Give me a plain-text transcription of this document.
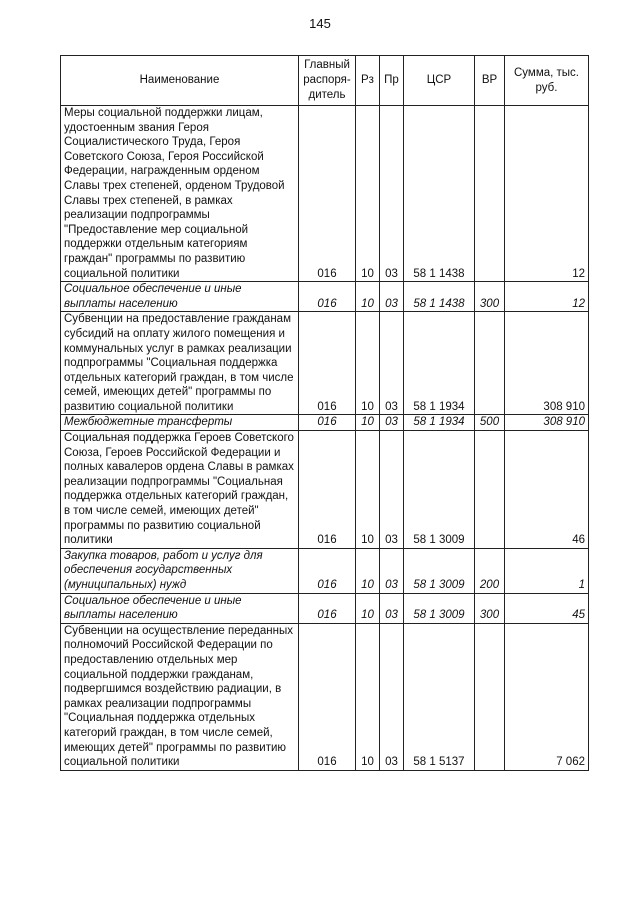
145
Наименование	Главный распоря-дитель	Рз	Пр	ЦСР	ВР	Сумма, тыс. руб.
Меры социальной поддержки лицам, удостоенным звания Героя Социалистического Труда, Героя Советского Союза, Героя Российской Федерации, награжденным орденом Славы трех степеней, орденом Трудовой Славы трех степеней, в рамках реализации подпрограммы "Предоставление мер социальной поддержки отдельным категориям граждан" программы по развитию социальной политики	016	10	03	58 1 1438		12
Социальное обеспечение и иные выплаты населению	016	10	03	58 1 1438	300	12
Субвенции на предоставление гражданам субсидий на оплату жилого помещения и коммунальных услуг в рамках реализации подпрограммы "Социальная поддержка отдельных категорий граждан, в том числе семей, имеющих детей" программы по развитию социальной политики	016	10	03	58 1 1934		308 910
Межбюджетные трансферты	016	10	03	58 1 1934	500	308 910
Социальная поддержка Героев Советского Союза, Героев Российской Федерации и полных кавалеров ордена Славы в рамках реализации подпрограммы "Социальная поддержка отдельных категорий граждан, в том числе семей, имеющих детей" программы по развитию социальной политики	016	10	03	58 1 3009		46
Закупка товаров, работ и услуг для обеспечения государственных (муниципальных) нужд	016	10	03	58 1 3009	200	1
Социальное обеспечение и иные выплаты населению	016	10	03	58 1 3009	300	45
Субвенции на осуществление переданных полномочий Российской Федерации по предоставлению отдельных мер социальной поддержки гражданам, подвергшимся воздействию радиации, в рамках реализации подпрограммы "Социальная поддержка отдельных категорий граждан, в том числе семей, имеющих детей" программы по развитию социальной политики	016	10	03	58 1 5137		7 062
